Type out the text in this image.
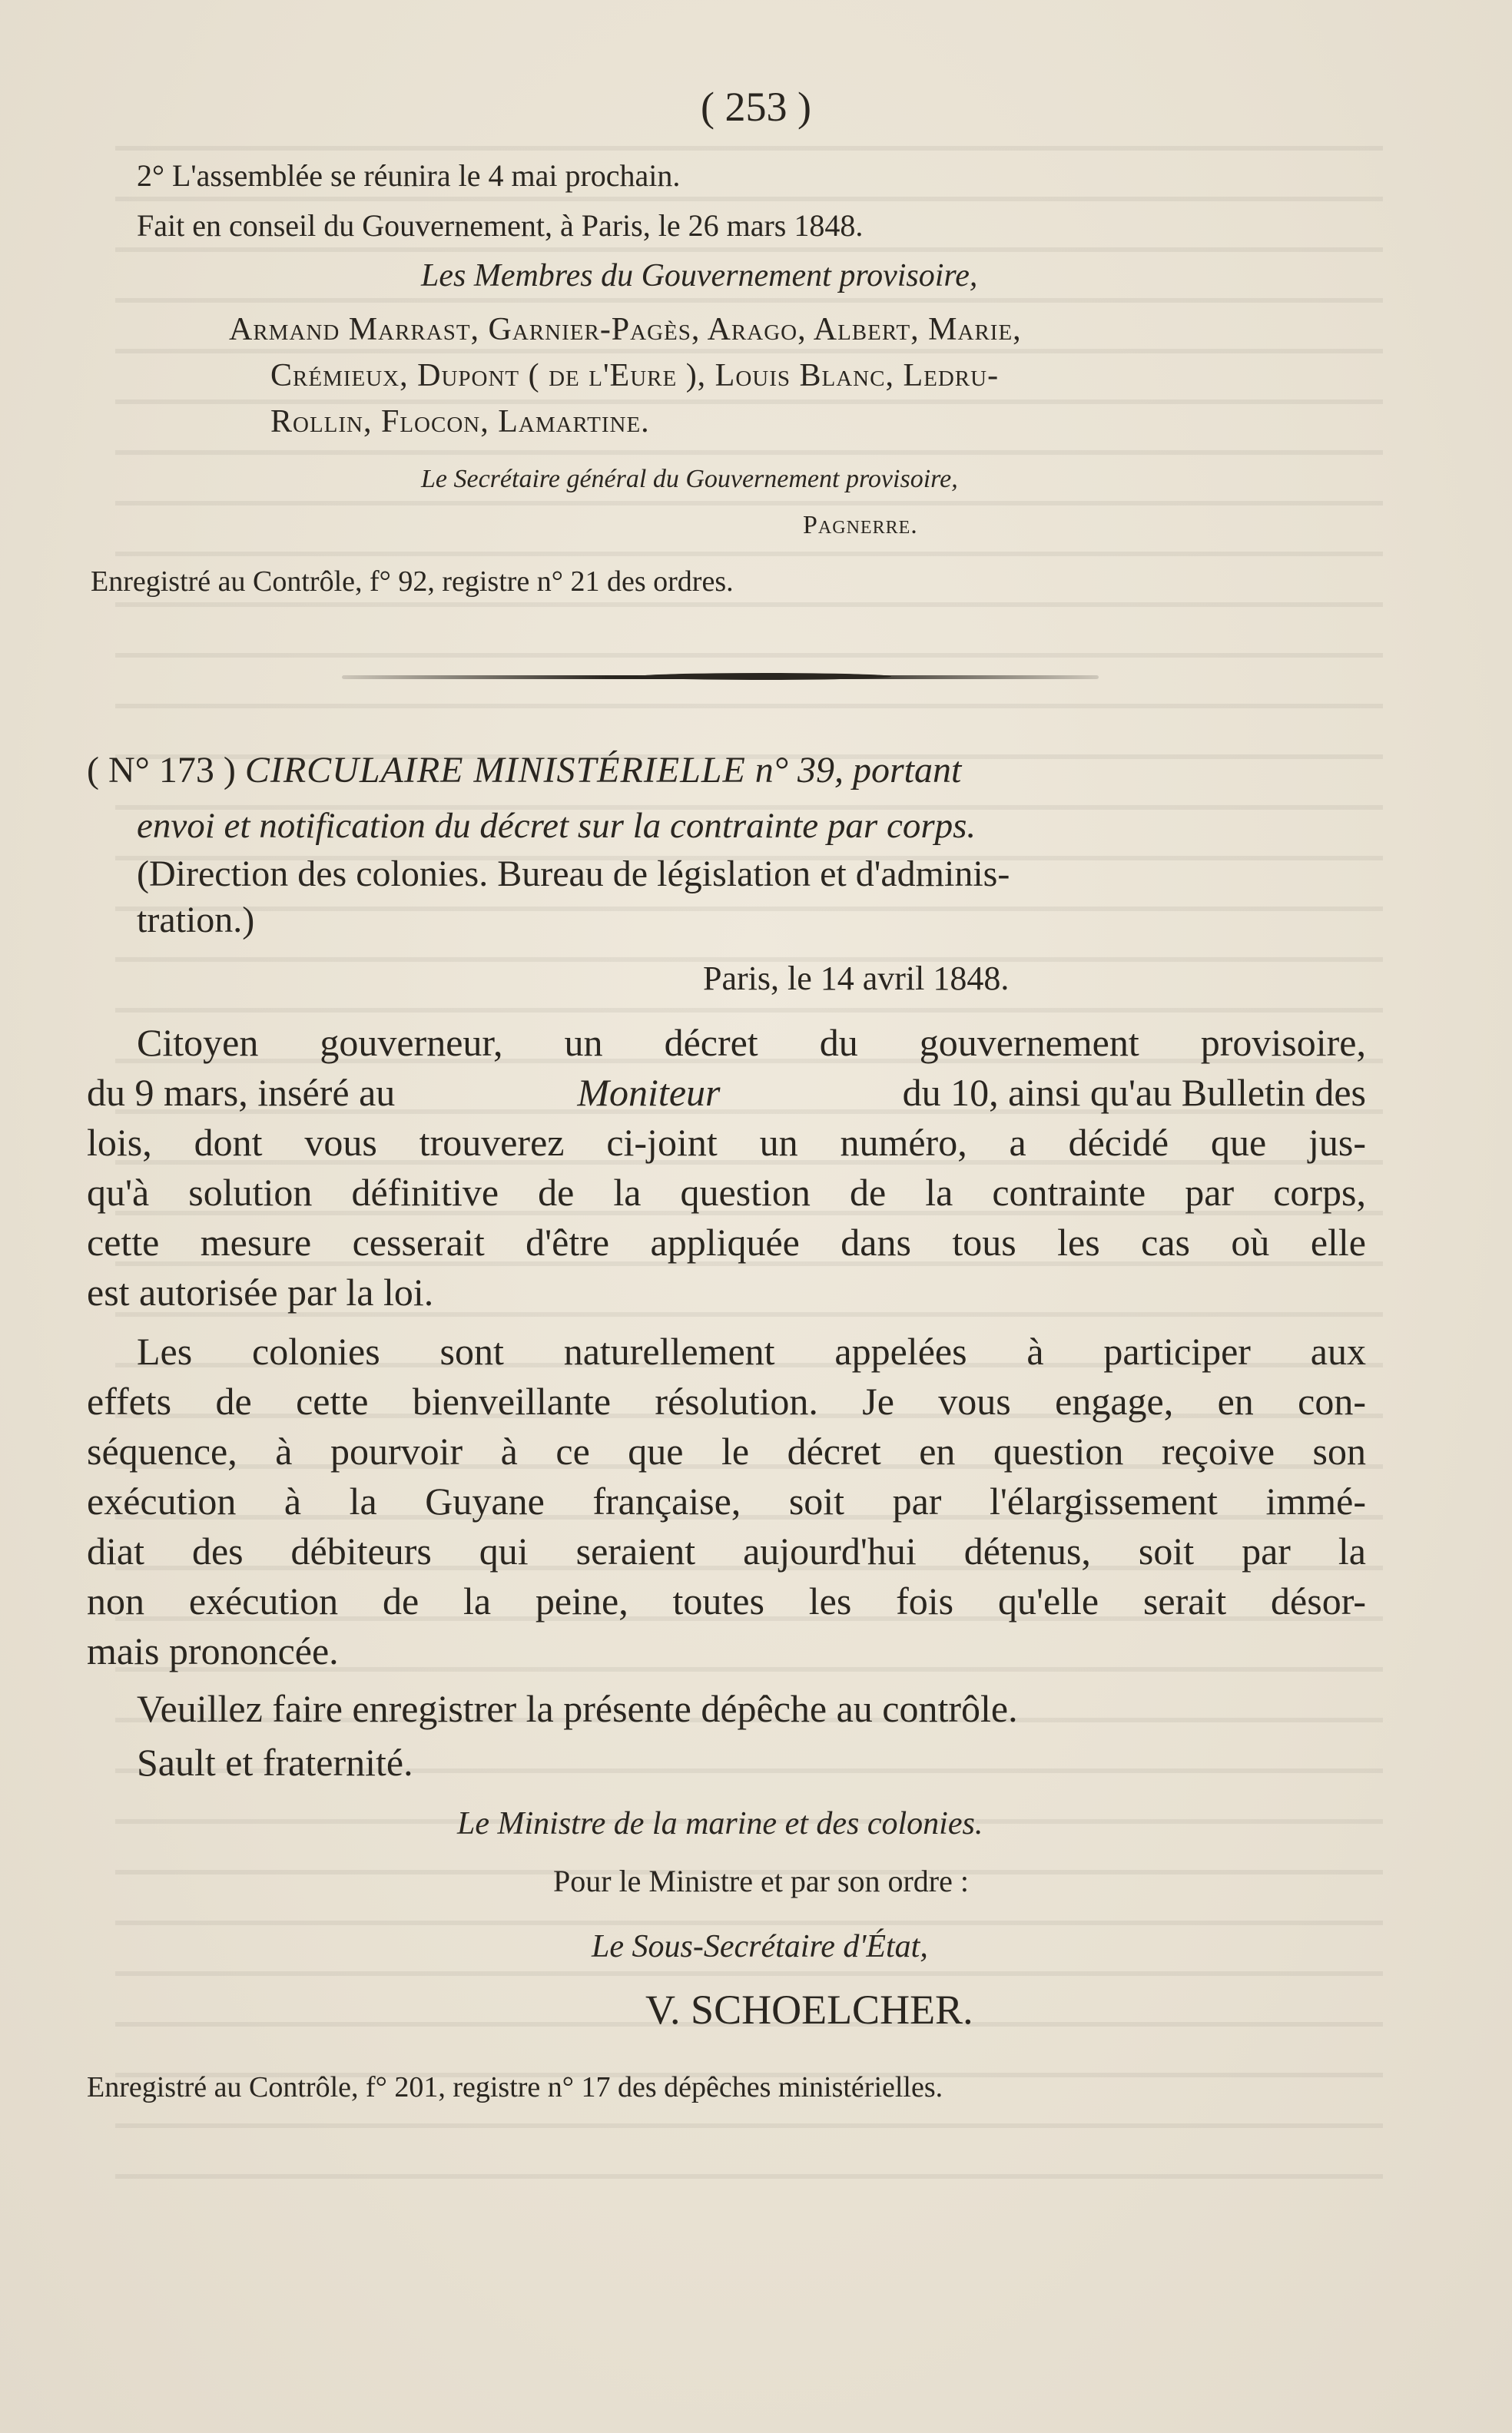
( 253 )
2° L'assemblée se réunira le 4 mai prochain.
Fait en conseil du Gouvernement, à Paris, le 26 mars 1848.
Les Membres du Gouvernement provisoire,
Armand Marrast, Garnier-Pagès, Arago, Albert, Marie,
Crémieux, Dupont ( de l'Eure ), Louis Blanc, Ledru-
Rollin, Flocon, Lamartine.
Le Secrétaire général du Gouvernement provisoire,
Pagnerre.
Enregistré au Contrôle, f° 92, registre n° 21 des ordres.
( N° 173 ) CIRCULAIRE MINISTÉRIELLE n° 39, portant
envoi et notification du décret sur la contrainte par corps.
(Direction des colonies. Bureau de législation et d'adminis-
tration.)
Paris, le 14 avril 1848.
Citoyen gouverneur, un décret du gouvernement provisoire,
du 9 mars, inséré au	Moniteur	du 10, ainsi qu'au Bulletin des
lois, dont vous trouverez ci-joint un numéro, a décidé que jus-
qu'à solution définitive de la question de la contrainte par corps,
cette mesure cesserait d'être appliquée dans tous les cas où elle
est autorisée par la loi.
Les colonies sont naturellement appelées à participer aux
effets de cette bienveillante résolution. Je vous engage, en con-
séquence, à pourvoir à ce que le décret en question reçoive son
exécution à la Guyane française, soit par l'élargissement immé-
diat des débiteurs qui seraient aujourd'hui détenus, soit par la
non exécution de la peine, toutes les fois qu'elle serait désor-
mais prononcée.
Veuillez faire enregistrer la présente dépêche au contrôle.
Sault et fraternité.
Le Ministre de la marine et des colonies.
Pour le Ministre et par son ordre :
Le Sous-Secrétaire d'État,
V. SCHOELCHER.
Enregistré au Contrôle, f° 201, registre n° 17 des dépêches ministérielles.
